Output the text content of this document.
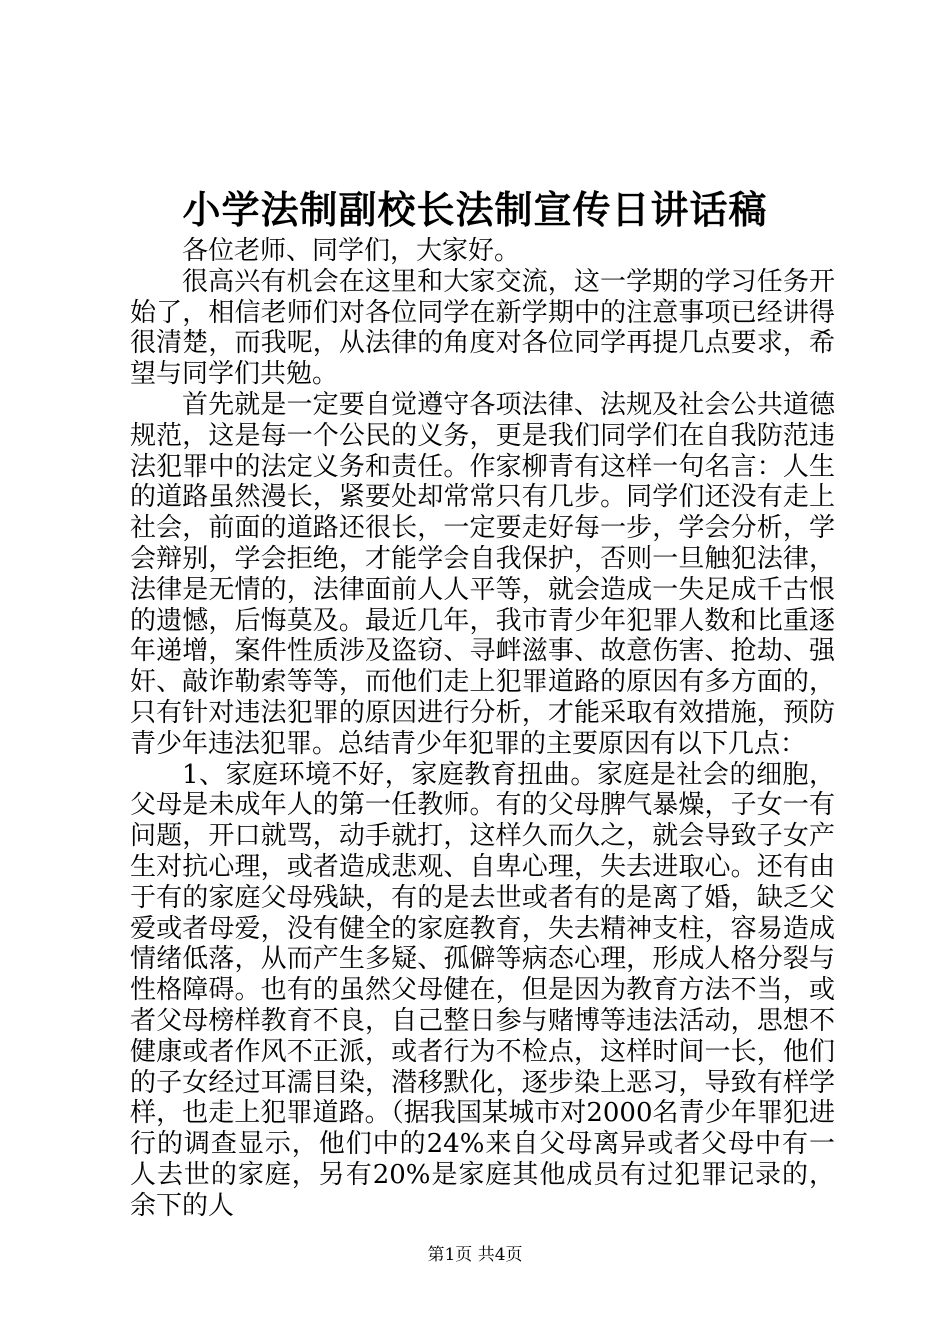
小学法制副校长法制宣传日讲话稿

各位老师、同学们，大家好。

很高兴有机会在这里和大家交流，这一学期的学习任务开始了，相信老师们对各位同学在新学期中的注意事项已经讲得很清楚，而我呢，从法律的角度对各位同学再提几点要求，希望与同学们共勉。

首先就是一定要自觉遵守各项法律、法规及社会公共道德规范，这是每一个公民的义务，更是我们同学们在自我防范违法犯罪中的法定义务和责任。作家柳青有这样一句名言：人生的道路虽然漫长，紧要处却常常只有几步。同学们还没有走上社会，前面的道路还很长，一定要走好每一步，学会分析，学会辩别，学会拒绝，才能学会自我保护，否则一旦触犯法律，法律是无情的，法律面前人人平等，就会造成一失足成千古恨的遗憾，后悔莫及。最近几年，我市青少年犯罪人数和比重逐年递增，案件性质涉及盗窃、寻衅滋事、故意伤害、抢劫、强奸、敲诈勒索等等，而他们走上犯罪道路的原因有多方面的，只有针对违法犯罪的原因进行分析，才能采取有效措施，预防青少年违法犯罪。总结青少年犯罪的主要原因有以下几点：

1、家庭环境不好，家庭教育扭曲。家庭是社会的细胞，父母是未成年人的第一任教师。有的父母脾气暴燥，子女一有问题，开口就骂，动手就打，这样久而久之，就会导致子女产生对抗心理，或者造成悲观、自卑心理，失去进取心。还有由于有的家庭父母残缺，有的是去世或者有的是离了婚，缺乏父爱或者母爱，没有健全的家庭教育，失去精神支柱，容易造成情绪低落，从而产生多疑、孤僻等病态心理，形成人格分裂与性格障碍。也有的虽然父母健在，但是因为教育方法不当，或者父母榜样教育不良，自己整日参与赌博等违法活动，思想不健康或者作风不正派，或者行为不检点，这样时间一长，他们的子女经过耳濡目染，潜移默化，逐步染上恶习，导致有样学样，也走上犯罪道路。（据我国某城市对2000名青少年罪犯进行的调查显示，他们中的24%来自父母离异或者父母中有一人去世的家庭，另有20%是家庭其他成员有过犯罪记录的，余下的人

第1页 共4页
